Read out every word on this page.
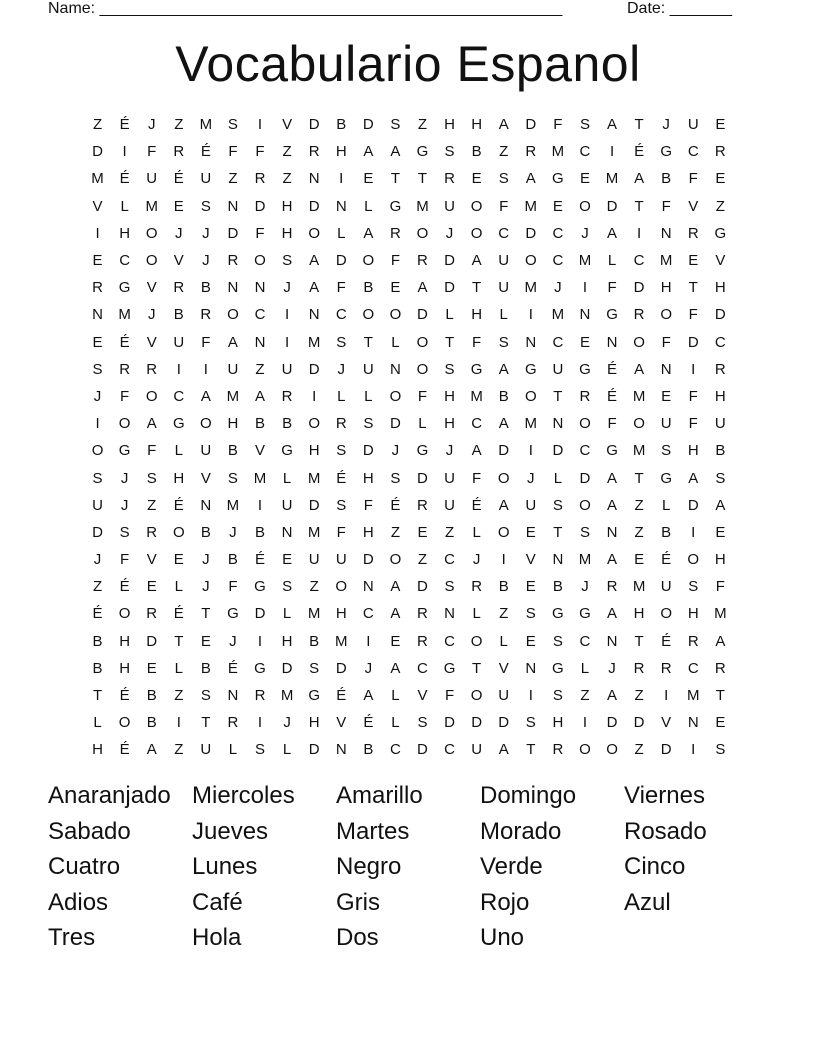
Name: ____________________________________________________	Date: _______
Vocabulario Espanol
Z	É	J	Z	M	S	I	V	D	B	D	S	Z	H	H	A	D	F	S	A	T	J	U	E
D	I	F	R	É	F	F	Z	R	H	A	A	G	S	B	Z	R	M	C	I	É	G	C	R
M	É	U	É	U	Z	R	Z	N	I	E	T	T	R	E	S	A	G	E	M	A	B	F	E
V	L	M	E	S	N	D	H	D	N	L	G M	U	O	F	M	E	O	D	T	F	V	Z
I	H	O	J	J	D	F	H	O	L	A	R	O	J	O	C	D	C	J	A	I	N	R	G
E	C	O	V	J	R	O	S	A	D	O	F	R	D	A	U	O	C	M	L	C	M	E	V
R	G	V	R	B	N	N	J	A	F	B	E	A	D	T	U	M	J	I	F	D	H	T	H
N	M	J	B	R	O	C	I	N	C	O	O	D	L	H	L	I	M	N	G	R	O	F	D
E	É	V	U	F	A	N	I	M	S	T	L	O	T	F	S	N	C	E	N	O	F	D	C
S	R	R	I	I	U	Z	U	D	J	U	N	O	S	G	A	G	U	G	É	A	N	I	R
J	F	O	C	A	M	A	R	I	L	L	O	F	H	M	B	O	T	R	É	M	E	F	H
I	O	A	G	O	H	B	B	O	R	S	D	L	H	C	A	M	N	O	F	O	U	F	U
O	G	F	L	U	B	V	G	H	S	D	J	G	J	A	D	I	D	C	G M	S	H	B
S	J	S	H	V	S	M	L	M	É	H	S	D	U	F	O	J	L	D	A	T	G	A	S
U	J	Z	É	N	M	I	U	D	S	F	É	R	U	É	A	U	S	O	A	Z	L	D	A
D	S	R	O	B	J	B	N	M	F	H	Z	E	Z	L	O	E	T	S	N	Z	B	I	E
J	F	V	E	J	B	É	E	U	U	D	O	Z	C	J	I	V	N	M	A	E	É	O	H
Z	É	E	L	J	F	G	S	Z	O	N	A	D	S	R	B	E	B	J	R	M	U	S	F
É	O	R	É	T	G	D	L	M	H	C	A	R	N	L	Z	S	G	G	A	H	O	H	M
B	H	D	T	E	J	I	H	B	M	I	E	R	C	O	L	E	S	C	N	T	É	R	A
B	H	E	L	B	É	G	D	S	D	J	A	C	G	T	V	N	G	L	J	R	R	C	R
T	É	B	Z	S	N	R	M	G	É	A	L	V	F	O	U	I	S	Z	A	Z	I	M	T
L	O	B	I	T	R	I	J	H	V	É	L	S	D	D	D	S	H	I	D	D	V	N	E
H	É	A	Z	U	L	S	L	D	N	B	C	D	C	U	A	T	R	O	O	Z	D	I	S
Anaranjado Miercoles	Amarillo	Domingo	Viernes
Sabado	Jueves	Martes	Morado	Rosado
Cuatro	Lunes	Negro	Verde	Cinco
Adios	Café	Gris	Rojo	Azul
Tres	Hola	Dos	Uno
